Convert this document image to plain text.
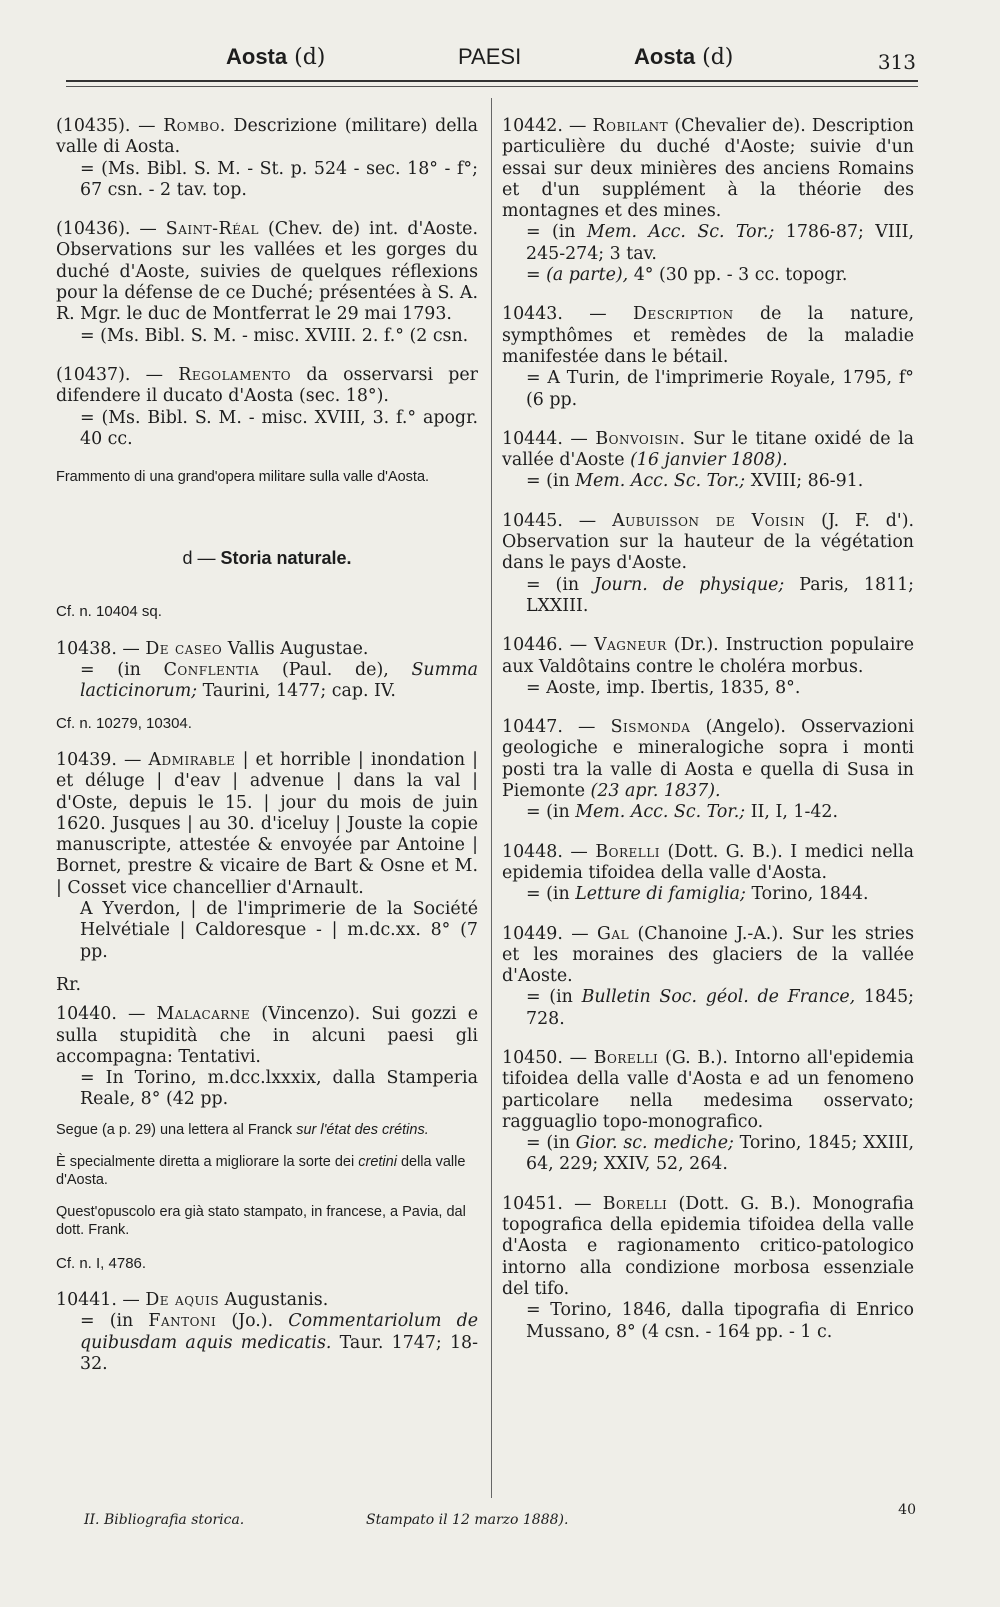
Aosta (d)	PAESI	Aosta (d)	313

(10435). — Rombo. Descrizione (militare) della valle di Aosta.

= (Ms. Bibl. S. M. - St. p. 524 - sec. 18° - f°; 67 csn. - 2 tav. top.

(10436). — Saint-Réal (Chev. de) int. d'Aoste. Observations sur les vallées et les gorges du duché d'Aoste, suivies de quelques réflexions pour la défense de ce Duché; présentées à S. A. R. Mgr. le duc de Montferrat le 29 mai 1793.

= (Ms. Bibl. S. M. - misc. XVIII. 2. f.° (2 csn.

(10437). — Regolamento da osservarsi per difendere il ducato d'Aosta (sec. 18°).

= (Ms. Bibl. S. M. - misc. XVIII, 3. f.° apogr. 40 cc.

Frammento di una grand'opera militare sulla valle d'Aosta.

d — Storia naturale.

Cf. n. 10404 sq.

10438. — De caseo Vallis Augustae.

= (in Conflentia (Paul. de), Summa lacticinorum; Taurini, 1477; cap. IV.

Cf. n. 10279, 10304.

10439. — Admirable | et horrible | inondation | et déluge | d'eav | advenue | dans la val | d'Oste, depuis le 15. | jour du mois de juin 1620. Jusques | au 30. d'iceluy | Jouste la copie manuscripte, attestée & envoyée par Antoine | Bornet, prestre & vicaire de Bart & Osne et M. | Cosset vice chancellier d'Arnault.

A Yverdon, | de l'imprimerie de la Société Helvétiale | Caldoresque - | m.dc.xx. 8° (7 pp.

Rr.

10440. — Malacarne (Vincenzo). Sui gozzi e sulla stupidità che in alcuni paesi gli accompagna: Tentativi.

= In Torino, m.dcc.lxxxix, dalla Stamperia Reale, 8° (42 pp.

Segue (a p. 29) una lettera al Franck sur l'état des crétins.

È specialmente diretta a migliorare la sorte dei cretini della valle d'Aosta.

Quest'opuscolo era già stato stampato, in francese, a Pavia, dal dott. Frank.

Cf. n. I, 4786.

10441. — De aquis Augustanis.

= (in Fantoni (Jo.). Commentariolum de quibusdam aquis medicatis. Taur. 1747; 18-32.

10442. — Robilant (Chevalier de). Description particulière du duché d'Aoste; suivie d'un essai sur deux minières des anciens Romains et d'un supplément à la théorie des montagnes et des mines.

= (in Mem. Acc. Sc. Tor.; 1786-87; VIII, 245-274; 3 tav.

= (a parte), 4° (30 pp. - 3 cc. topogr.

10443. — Description de la nature, sympthômes et remèdes de la maladie manifestée dans le bétail.

= A Turin, de l'imprimerie Royale, 1795, f° (6 pp.

10444. — Bonvoisin. Sur le titane oxidé de la vallée d'Aoste (16 janvier 1808).

= (in Mem. Acc. Sc. Tor.; XVIII; 86-91.

10445. — Aubuisson de Voisin (J. F. d'). Observation sur la hauteur de la végétation dans le pays d'Aoste.

= (in Journ. de physique; Paris, 1811; LXXIII.

10446. — Vagneur (Dr.). Instruction populaire aux Valdôtains contre le choléra morbus.

= Aoste, imp. Ibertis, 1835, 8°.

10447. — Sismonda (Angelo). Osservazioni geologiche e mineralogiche sopra i monti posti tra la valle di Aosta e quella di Susa in Piemonte (23 apr. 1837).

= (in Mem. Acc. Sc. Tor.; II, I, 1-42.

10448. — Borelli (Dott. G. B.). I medici nella epidemia tifoidea della valle d'Aosta.

= (in Letture di famiglia; Torino, 1844.

10449. — Gal (Chanoine J.-A.). Sur les stries et les moraines des glaciers de la vallée d'Aoste.

= (in Bulletin Soc. géol. de France, 1845; 728.

10450. — Borelli (G. B.). Intorno all'epidemia tifoidea della valle d'Aosta e ad un fenomeno particolare nella medesima osservato; ragguaglio topo-monografico.

= (in Gior. sc. mediche; Torino, 1845; XXIII, 64, 229; XXIV, 52, 264.

10451. — Borelli (Dott. G. B.). Monografia topografica della epidemia tifoidea della valle d'Aosta e ragionamento critico-patologico intorno alla condizione morbosa essenziale del tifo.

= Torino, 1846, dalla tipografia di Enrico Mussano, 8° (4 csn. - 164 pp. - 1 c.

II. Bibliografia storica.	Stampato il 12 marzo 1888).
40
